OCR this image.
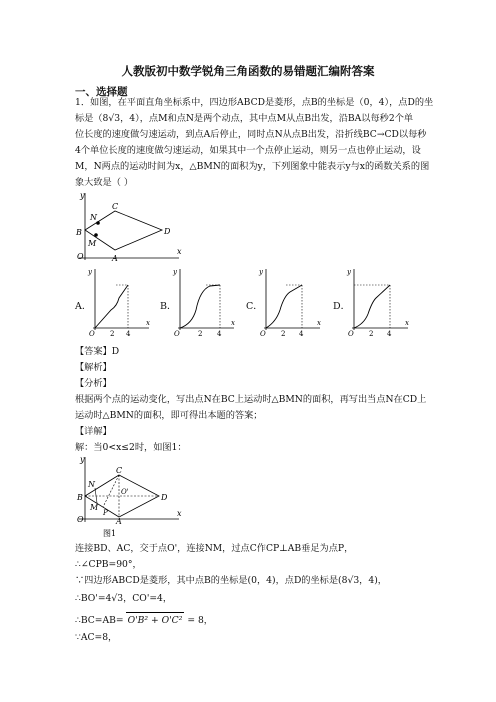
人教版初中数学锐角三角函数的易错题汇编附答案
一、选择题
1．如图，在平面直角坐标系中，四边形ABCD是菱形，点B的坐标是（0，4），点D的坐
标是（8√3，4），点M和点N是两个动点，其中点M从点B出发，沿BA以每秒2个单
位长度的速度做匀速运动，到点A后停止，同时点N从点B出发，沿折线BC→CD以每秒
4个单位长度的速度做匀速运动，如果其中一个点停止运动，则另一点也停止运动，设
M，N两点的运动时间为x，△BMN的面积为y，下列图象中能表示y与x的函数关系的图
象大致是（ ）
y
x
O	A
B
C
D
M
N
A．
y
x
O 2 4
B．
y
x
O	2 4
C．
y
x
O 2 4
D．
y
x
O 2 4
【答案】D
【解析】
【分析】
根据两个点的运动变化，写出点N在BC上运动时△BMN的面积，再写出当点N在CD上
运动时△BMN的面积，即可得出本题的答案；
【详解】
解：当0<x≤2时，如图1：
y
x
O	A
B
C
D
M
N
O'
P
图1
连接BD、AC，交于点O'，连接NM，过点C作CP⊥AB垂足为点P，
∴∠CPB=90°，
∵四边形ABCD是菱形，其中点B的坐标是(0，4)，点D的坐标是(8√3，4)，
∴BO'=4√3，CO'=4，
∴BC=AB= O'B² + O'C² = 8，
∵AC=8，
